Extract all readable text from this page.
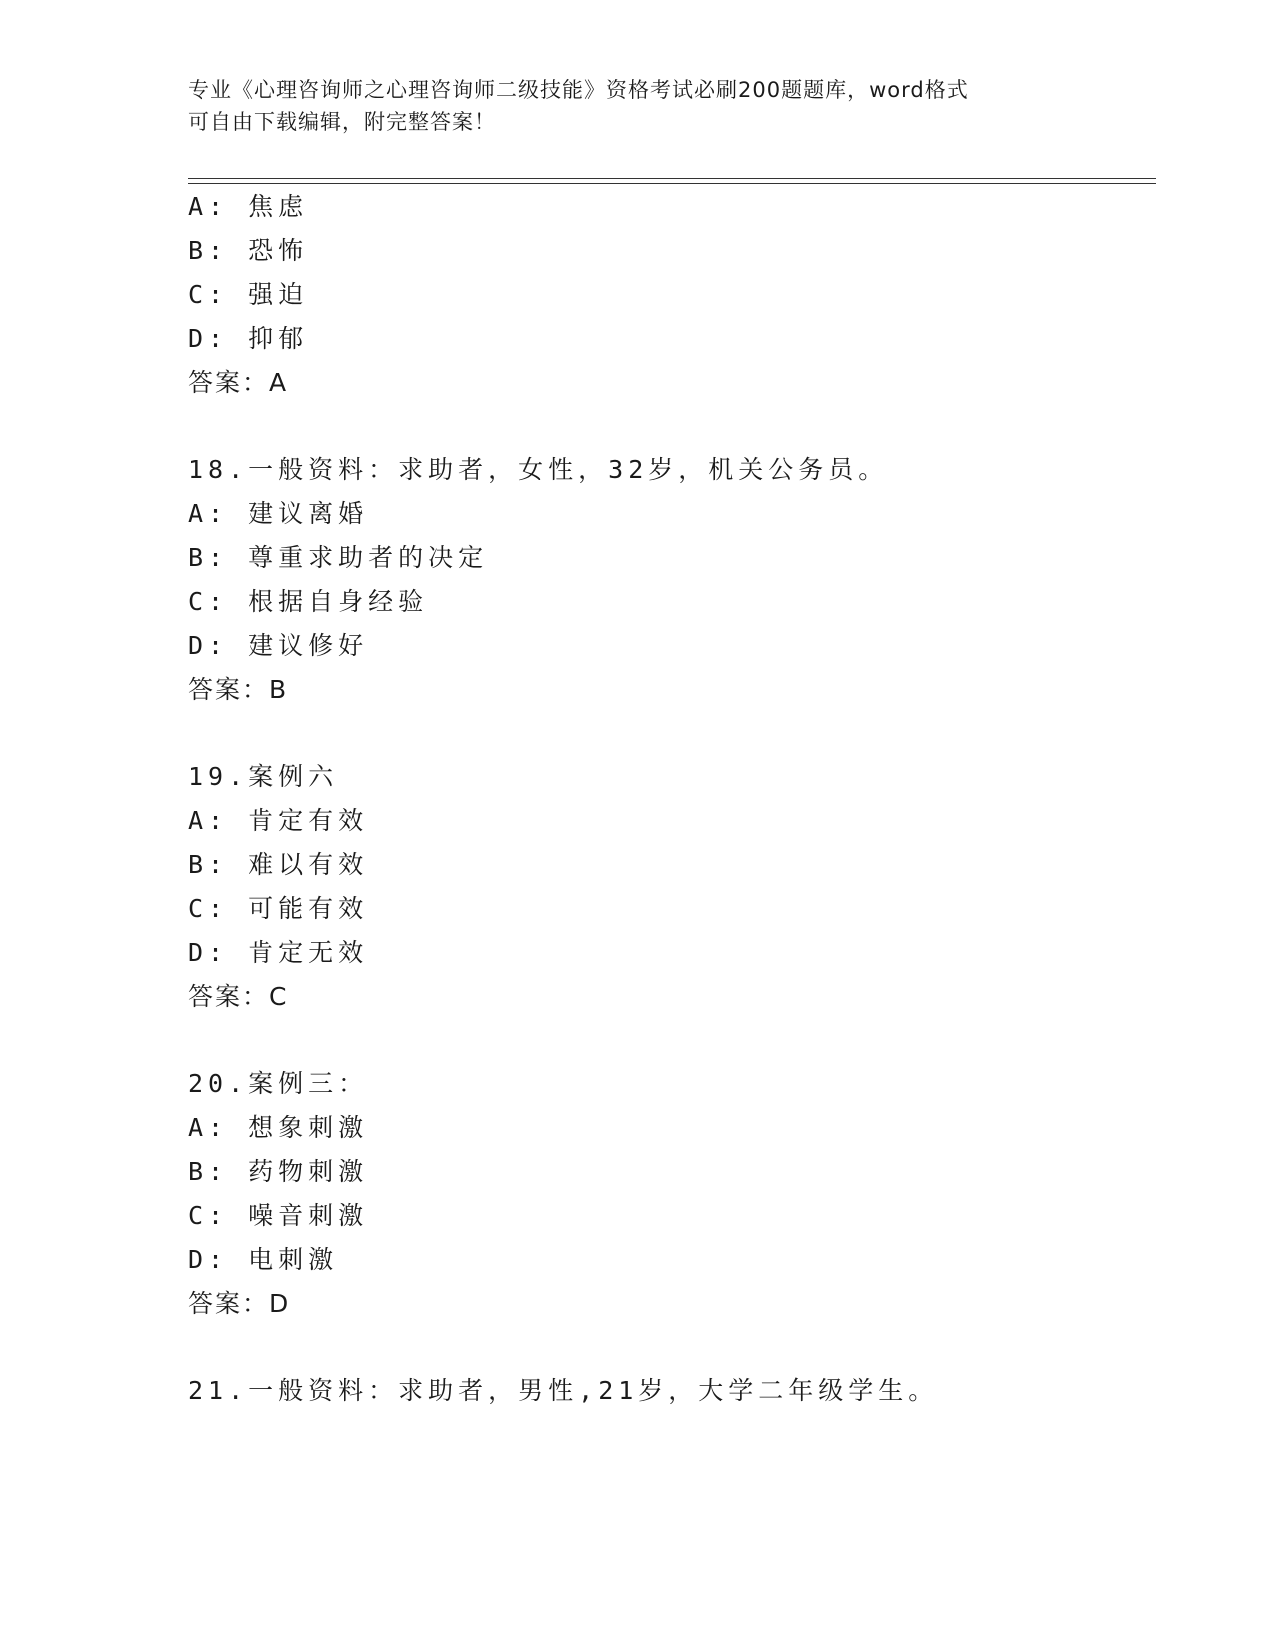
专业《心理咨询师之心理咨询师二级技能》资格考试必刷200题题库，word格式
可自由下载编辑，附完整答案！
A: 焦虑
B: 恐怖
C: 强迫
D: 抑郁
答案：A
18.一般资料：求助者，女性，32岁，机关公务员。
A: 建议离婚
B: 尊重求助者的决定
C: 根据自身经验
D: 建议修好
答案：B
19.案例六
A: 肯定有效
B: 难以有效
C: 可能有效
D: 肯定无效
答案：C
20.案例三：
A: 想象刺激
B: 药物刺激
C: 噪音刺激
D: 电刺激
答案：D
21.一般资料：求助者，男性,21岁，大学二年级学生。
